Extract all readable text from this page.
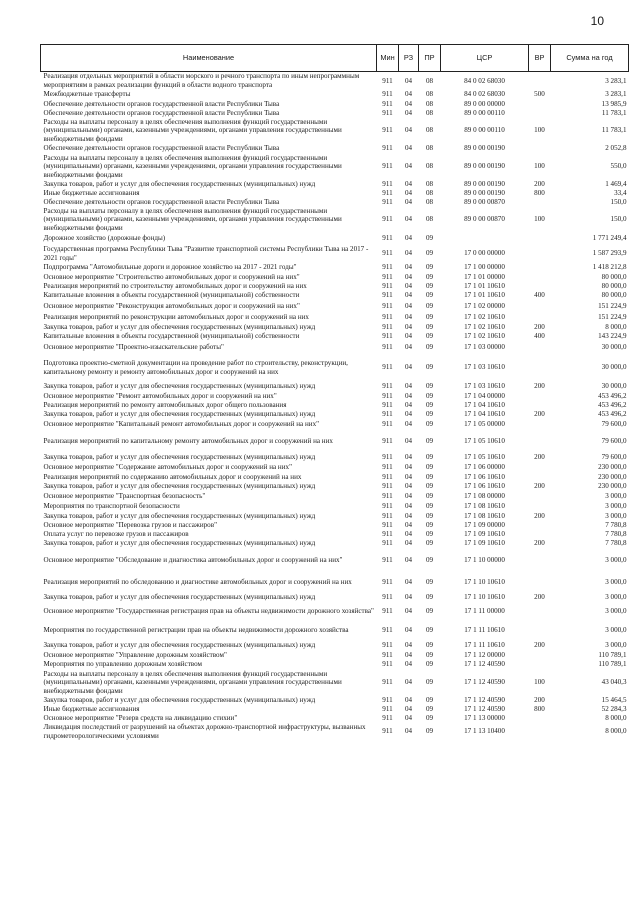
10
Наименование	Мин	РЗ	ПР	ЦСР	ВР	Сумма на год
Реализация отдельных мероприятий в области морского и речного транспорта по иным непрограммным мероприятиям в рамках реализации функций в области водного транспорта	911	04	08	84 0 02 68030		3 283,1
Межбюджетные трансферты	911	04	08	84 0 02 68030	500	3 283,1
Обеспечение деятельности органов государственной власти Республики Тыва	911	04	08	89 0 00 00000		13 985,9
Обеспечение деятельности органов государственной власти Республики Тыва	911	04	08	89 0 00 00110		11 783,1
Расходы на выплаты персоналу в целях обеспечения выполнения функций государственными (муниципальными) органами, казенными учреждениями, органами управления государственными внебюджетными фондами	911	04	08	89 0 00 00110	100	11 783,1
Обеспечение деятельности органов государственной власти Республики Тыва	911	04	08	89 0 00 00190		2 052,8
Расходы на выплаты персоналу в целях обеспечения выполнения функций государственными (муниципальными) органами, казенными учреждениями, органами управления государственными внебюджетными фондами	911	04	08	89 0 00 00190	100	550,0
Закупка товаров, работ и услуг для обеспечения государственных (муниципальных) нужд	911	04	08	89 0 00 00190	200	1 469,4
Иные бюджетные ассигнования	911	04	08	89 0 00 00190	800	33,4
Обеспечение деятельности органов государственной власти Республики Тыва	911	04	08	89 0 00 00870		150,0
Расходы на выплаты персоналу в целях обеспечения выполнения функций государственными (муниципальными) органами, казенными учреждениями, органами управления государственными внебюджетными фондами	911	04	08	89 0 00 00870	100	150,0
Дорожное хозяйство (дорожные фонды)	911	04	09			1 771 249,4
Государственная программа Республики Тыва "Развитие транспортной системы Республики Тыва на 2017 - 2021 годы"	911	04	09	17 0 00 00000		1 587 293,9
Подпрограмма "Автомобильные дороги и дорожное хозяйство на 2017 - 2021 годы"	911	04	09	17 1 00 00000		1 418 212,8
Основное мероприятие "Строительство автомобильных дорог и сооружений на них"	911	04	09	17 1 01 00000		80 000,0
Реализация мероприятий по строительству автомобильных дорог и сооружений на них	911	04	09	17 1 01 10610		80 000,0
Капитальные вложения в объекты государственной (муниципальной) собственности	911	04	09	17 1 01 10610	400	80 000,0
Основное мероприятие "Реконструкция автомобильных дорог и сооружений на них"	911	04	09	17 1 02 00000		151 224,9
Реализация мероприятий по реконструкции автомобильных дорог и сооружений на них	911	04	09	17 1 02 10610		151 224,9
Закупка товаров, работ и услуг для обеспечения государственных (муниципальных) нужд	911	04	09	17 1 02 10610	200	8 000,0
Капитальные вложения в объекты государственной (муниципальной) собственности	911	04	09	17 1 02 10610	400	143 224,9
Основное мероприятие "Проектно-изыскательские работы"	911	04	09	17 1 03 00000		30 000,0
Подготовка проектно-сметной документации на проведение работ по строительству, реконструкции, капитальному ремонту и ремонту автомобильных дорог и сооружений на них	911	04	09	17 1 03 10610		30 000,0
Закупка товаров, работ и услуг для обеспечения государственных (муниципальных) нужд	911	04	09	17 1 03 10610	200	30 000,0
Основное мероприятие "Ремонт автомобильных дорог и сооружений на них"	911	04	09	17 1 04 00000		453 496,2
Реализация мероприятий по ремонту автомобильных дорог общего пользования	911	04	09	17 1 04 10610		453 496,2
Закупка товаров, работ и услуг для обеспечения государственных (муниципальных) нужд	911	04	09	17 1 04 10610	200	453 496,2
Основное мероприятие "Капитальный ремонт автомобильных дорог и сооружений на них"	911	04	09	17 1 05 00000		79 600,0
Реализация мероприятий по капитальному ремонту автомобильных дорог и сооружений на них	911	04	09	17 1 05 10610		79 600,0
Закупка товаров, работ и услуг для обеспечения государственных (муниципальных) нужд	911	04	09	17 1 05 10610	200	79 600,0
Основное мероприятие "Содержание автомобильных дорог и сооружений на них"	911	04	09	17 1 06 00000		230 000,0
Реализация мероприятий по содержанию автомобильных дорог и сооружений на них	911	04	09	17 1 06 10610		230 000,0
Закупка товаров, работ и услуг для обеспечения государственных (муниципальных) нужд	911	04	09	17 1 06 10610	200	230 000,0
Основное мероприятие "Транспортная безопасность"	911	04	09	17 1 08 00000		3 000,0
Мероприятия по транспортной безопасности	911	04	09	17 1 08 10610		3 000,0
Закупка товаров, работ и услуг для обеспечения государственных (муниципальных) нужд	911	04	09	17 1 08 10610	200	3 000,0
Основное мероприятие "Перевозка грузов и пассажиров"	911	04	09	17 1 09 00000		7 780,8
Оплата услуг по перевозке грузов и пассажиров	911	04	09	17 1 09 10610		7 780,8
Закупка товаров, работ и услуг для обеспечения государственных (муниципальных) нужд	911	04	09	17 1 09 10610	200	7 780,8
Основное мероприятие "Обследование и диагностика автомобильных дорог и сооружений на них"	911	04	09	17 1 10 00000		3 000,0
Реализация мероприятий по обследованию и диагностике автомобильных дорог и сооружений на них	911	04	09	17 1 10 10610		3 000,0
Закупка товаров, работ и услуг для обеспечения государственных (муниципальных) нужд	911	04	09	17 1 10 10610	200	3 000,0
Основное мероприятие "Государственная регистрация прав на объекты недвижимости дорожного хозяйства"	911	04	09	17 1 11 00000		3 000,0
Мероприятия по государственной регистрации прав на объекты недвижимости дорожного хозяйства	911	04	09	17 1 11 10610		3 000,0
Закупка товаров, работ и услуг для обеспечения государственных (муниципальных) нужд	911	04	09	17 1 11 10610	200	3 000,0
Основное мероприятие "Управление дорожным хозяйством"	911	04	09	17 1 12 00000		110 789,1
Мероприятия по управлению дорожным хозяйством	911	04	09	17 1 12 40590		110 789,1
Расходы на выплаты персоналу в целях обеспечения выполнения функций государственными (муниципальными) органами, казенными учреждениями, органами управления государственными внебюджетными фондами	911	04	09	17 1 12 40590	100	43 040,3
Закупка товаров, работ и услуг для обеспечения государственных (муниципальных) нужд	911	04	09	17 1 12 40590	200	15 464,5
Иные бюджетные ассигнования	911	04	09	17 1 12 40590	800	52 284,3
Основное мероприятие "Резерв средств на ликвидацию стихии"	911	04	09	17 1 13 00000		8 000,0
Ликвидация последствий от разрушений на объектах дорожно-транспортной инфраструктуры, вызванных гидрометеорологическими условиями	911	04	09	17 1 13 10400		8 000,0
